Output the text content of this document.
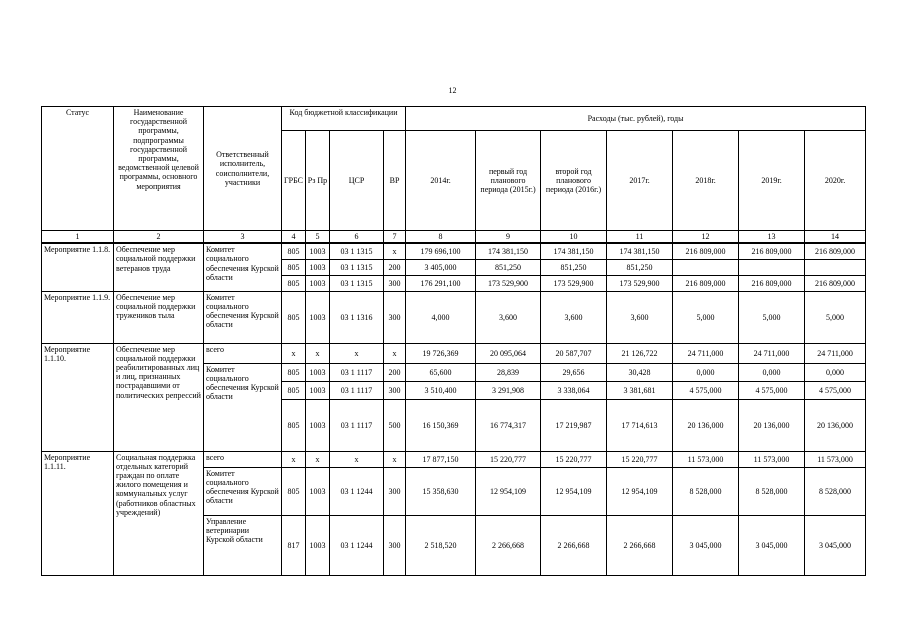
12
Статус	Наименование государственной программы, подпрограммы государственной программы, ведомственной целевой программы, основного мероприятия	Ответственный исполнитель, соисполнители, участники	Код бюджетной классификации				Расходы (тыс. рублей), годы						
			ГРБС	Рз Пр	ЦСР	ВР	2014г.	первый год планового периода (2015г.)	второй год планового периода (2016г.)	2017г.	2018г.	2019г.	2020г.
1	2	3	4	5	6	7	8	9	10	11	12	13	14
Мероприятие 1.1.8.	Обеспечение мер социальной поддержки ветеранов труда	Комитет социального обеспечения Курской области	805	1003	03 1 1315	х	179 696,100	174 381,150	174 381,150	174 381,150	216 809,000	216 809,000	216 809,000
			805	1003	03 1 1315	200	3 405,000	851,250	851,250	851,250			
			805	1003	03 1 1315	300	176 291,100	173 529,900	173 529,900	173 529,900	216 809,000	216 809,000	216 809,000
Мероприятие 1.1.9.	Обеспечение мер социальной поддержки тружеников тыла	Комитет социального обеспечения Курской области	805	1003	03 1 1316	300	4,000	3,600	3,600	3,600	5,000	5,000	5,000
Мероприятие 1.1.10.	Обеспечение мер социальной поддержки реабилитированных лиц и лиц, признанных пострадавшими от политических репрессий	всего	х	х	х	х	19 726,369	20 095,064	20 587,707	21 126,722	24 711,000	24 711,000	24 711,000
		Комитет социального обеспечения Курской области	805	1003	03 1 1117	200	65,600	28,839	29,656	30,428	0,000	0,000	0,000
			805	1003	03 1 1117	300	3 510,400	3 291,908	3 338,064	3 381,681	4 575,000	4 575,000	4 575,000
			805	1003	03 1 1117	500	16 150,369	16 774,317	17 219,987	17 714,613	20 136,000	20 136,000	20 136,000
Мероприятие 1.1.11.	Социальная поддержка отдельных категорий граждан по оплате жилого помещения и коммунальных услуг (работников областных учреждений)	всего	х	х	х	х	17 877,150	15 220,777	15 220,777	15 220,777	11 573,000	11 573,000	11 573,000
		Комитет социального обеспечения Курской области	805	1003	03 1 1244	300	15 358,630	12 954,109	12 954,109	12 954,109	8 528,000	8 528,000	8 528,000
		Управление ветеринарии Курской области	817	1003	03 1 1244	300	2 518,520	2 266,668	2 266,668	2 266,668	3 045,000	3 045,000	3 045,000
